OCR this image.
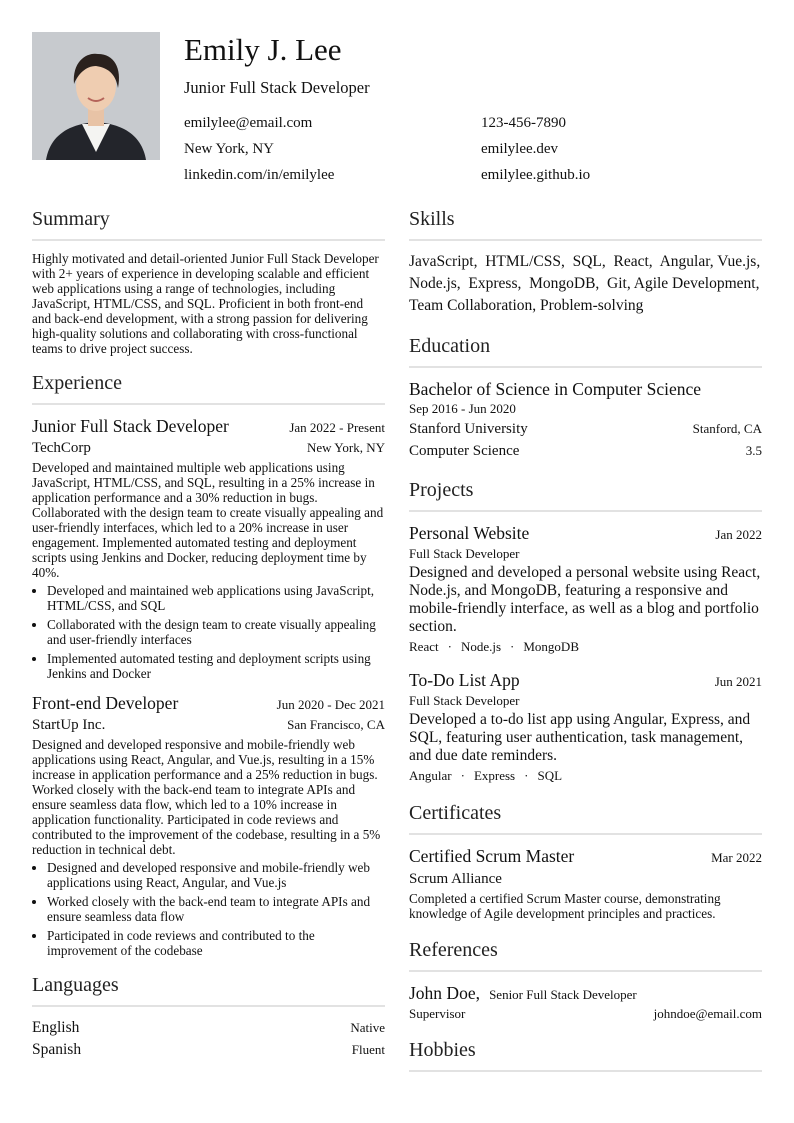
Emily J. Lee
Junior Full Stack Developer
emilylee@email.com	123-456-7890
New York, NY	emilylee.dev
linkedin.com/in/emilylee	emilylee.github.io
Summary
Highly motivated and detail-oriented Junior Full Stack Developer with 2+ years of experience in developing scalable and efficient web applications using a range of technologies, including JavaScript, HTML/CSS, and SQL. Proficient in both front-end and back-end development, with a strong passion for delivering high-quality solutions and collaborating with cross-functional teams to drive project success.
Experience
Junior Full Stack Developer	Jan 2022 - Present
TechCorp	New York, NY
Developed and maintained multiple web applications using JavaScript, HTML/CSS, and SQL, resulting in a 25% increase in application performance and a 30% reduction in bugs. Collaborated with the design team to create visually appealing and user-friendly interfaces, which led to a 20% increase in user engagement. Implemented automated testing and deployment scripts using Jenkins and Docker, reducing deployment time by 40%.
• Developed and maintained web applications using JavaScript, HTML/CSS, and SQL
• Collaborated with the design team to create visually appealing and user-friendly interfaces
• Implemented automated testing and deployment scripts using Jenkins and Docker
Front-end Developer	Jun 2020 - Dec 2021
StartUp Inc.	San Francisco, CA
Designed and developed responsive and mobile-friendly web applications using React, Angular, and Vue.js, resulting in a 15% increase in application performance and a 25% reduction in bugs. Worked closely with the back-end team to integrate APIs and ensure seamless data flow, which led to a 10% increase in application functionality. Participated in code reviews and contributed to the improvement of the codebase, resulting in a 5% reduction in technical debt.
• Designed and developed responsive and mobile-friendly web applications using React, Angular, and Vue.js
• Worked closely with the back-end team to integrate APIs and ensure seamless data flow
• Participated in code reviews and contributed to the improvement of the codebase
Languages
English	Native
Spanish	Fluent
Skills
JavaScript,  HTML/CSS,  SQL,  React,  Angular, Vue.js,  Node.js,  Express,  MongoDB,  Git, Agile Development,  Team Collaboration, Problem-solving
Education
Bachelor of Science in Computer Science
Sep 2016 - Jun 2020
Stanford University	Stanford, CA
Computer Science	3.5
Projects
Personal Website	Jan 2022
Full Stack Developer
Designed and developed a personal website using React, Node.js, and MongoDB, featuring a responsive and mobile-friendly interface, as well as a blog and portfolio section.
React · Node.js · MongoDB
To-Do List App	Jun 2021
Full Stack Developer
Developed a to-do list app using Angular, Express, and SQL, featuring user authentication, task management, and due date reminders.
Angular · Express · SQL
Certificates
Certified Scrum Master	Mar 2022
Scrum Alliance
Completed a certified Scrum Master course, demonstrating knowledge of Agile development principles and practices.
References
John Doe, Senior Full Stack Developer
Supervisor	johndoe@email.com
Hobbies
